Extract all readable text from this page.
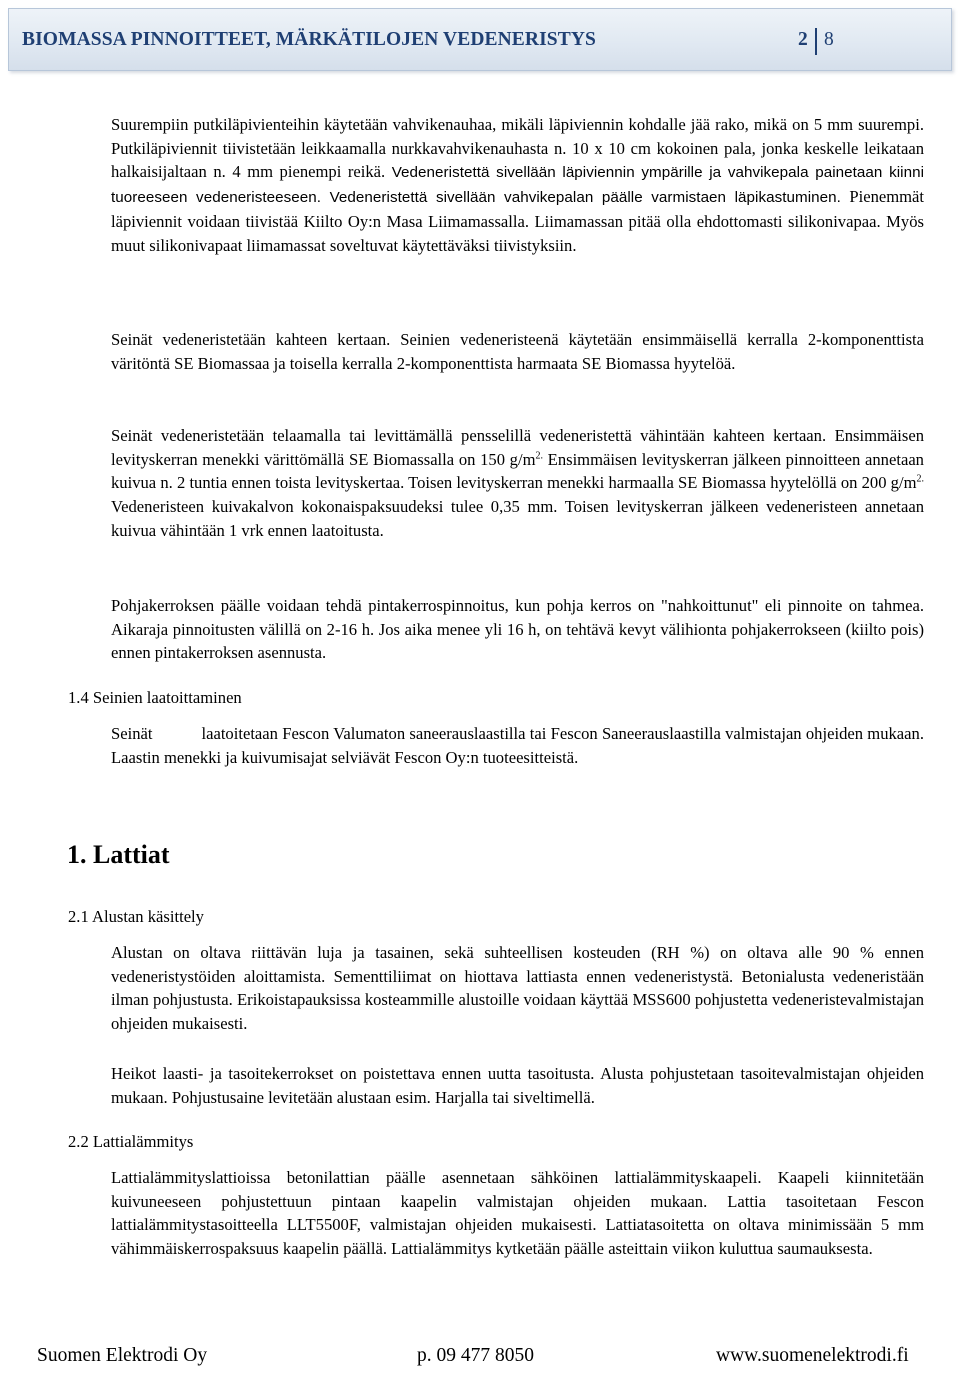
BIOMASSA PINNOITTEET, MÄRKÄTILOJEN VEDENERISTYS	2 8

Suurempiin putkiläpivienteihin käytetään vahvikenauhaa, mikäli läpiviennin kohdalle jää rako, mikä on 5 mm suurempi. Putkiläpiviennit tiivistetään leikkaamalla nurkkavahvikenauhasta n. 10 x 10 cm kokoinen pala, jonka keskelle leikataan halkaisijaltaan n. 4 mm pienempi reikä. Vedeneristettä sivellään läpiviennin ympärille ja vahvikepala painetaan kiinni tuoreeseen vedeneristeeseen. Vedeneristettä sivellään vahvikepalan päälle varmistaen läpikastuminen. Pienemmät läpiviennit voidaan tiivistää Kiilto Oy:n Masa Liimamassalla. Liimamassan pitää olla ehdottomasti silikonivapaa. Myös muut silikonivapaat liimamassat soveltuvat käytettäväksi tiivistyksiin.

Seinät vedeneristetään kahteen kertaan. Seinien vedeneristeenä käytetään ensimmäisellä kerralla 2-komponenttista väritöntä SE Biomassaa ja toisella kerralla 2-komponenttista harmaata SE Biomassa hyytelöä.

Seinät vedeneristetään telaamalla tai levittämällä pensselillä vedeneristettä vähintään kahteen kertaan. Ensimmäisen levityskerran menekki värittömällä SE Biomassalla on 150 $g/m^{2.}$ Ensimmäisen levityskerran jälkeen pinnoitteen annetaan kuivua n. 2 tuntia ennen toista levityskertaa. Toisen levityskerran menekki harmaalla SE Biomassa hyytelöllä on 200 $g/m^{2.}$ Vedeneristeen kuivakalvon kokonaispaksuudeksi tulee 0,35 mm. Toisen levityskerran jälkeen vedeneristeen annetaan kuivua vähintään 1 vrk ennen laatoitusta.

Pohjakerroksen päälle voidaan tehdä pintakerrospinnoitus, kun pohja kerros on "nahkoittunut" eli pinnoite on tahmea. Aikaraja pinnoitusten välillä on 2-16 h. Jos aika menee yli 16 h, on tehtävä kevyt välihionta pohjakerrokseen (kiilto pois) ennen pintakerroksen asennusta.

1.4 Seinien laatoittaminen

Seinät	laatoitetaan Fescon Valumaton saneerauslaastilla tai Fescon Saneerauslaastilla valmistajan ohjeiden mukaan. Laastin menekki ja kuivumisajat selviävät Fescon Oy:n tuoteesitteistä.

1. Lattiat
2.1 Alustan käsittely

Alustan on oltava riittävän luja ja tasainen, sekä suhteellisen kosteuden (RH %) on oltava alle 90 % ennen vedeneristystöiden aloittamista. Sementtiliimat on hiottava lattiasta ennen vedeneristystä. Betonialusta vedeneristään ilman pohjustusta. Erikoistapauksissa kosteammille alustoille voidaan käyttää MSS600 pohjustetta vedeneristevalmistajan ohjeiden mukaisesti.

Heikot laasti- ja tasoitekerrokset on poistettava ennen uutta tasoitusta. Alusta pohjustetaan tasoitevalmistajan ohjeiden mukaan. Pohjustusaine levitetään alustaan esim. Harjalla tai siveltimellä.

2.2 Lattialämmitys

Lattialämmityslattioissa betonilattian päälle asennetaan sähköinen lattialämmityskaapeli. Kaapeli kiinnitetään kuivuneeseen pohjustettuun pintaan kaapelin valmistajan ohjeiden mukaan. Lattia tasoitetaan Fescon lattialämmitystasoitteella LLT5500F, valmistajan ohjeiden mukaisesti. Lattiatasoitetta on oltava minimissään 5 mm vähimmäiskerrospaksuus kaapelin päällä. Lattialämmitys kytketään päälle asteittain viikon kuluttua saumauksesta.

Suomen Elektrodi Oy	p. 09 477 8050	www.suomenelektrodi.fi
